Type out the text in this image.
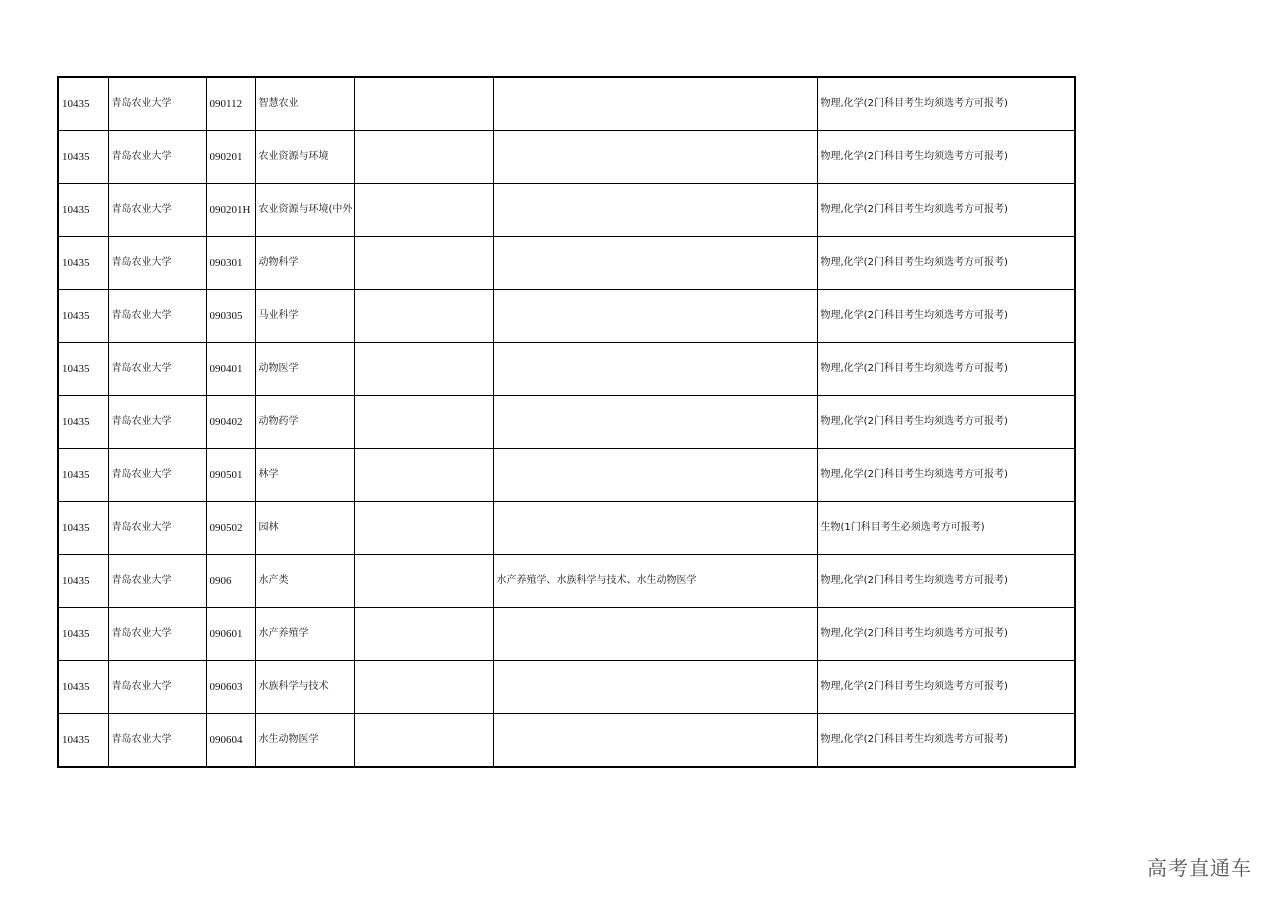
10435	青岛农业大学	090112	智慧农业			物理,化学(2门科目考生均须选考方可报考)
10435	青岛农业大学	090201	农业资源与环境			物理,化学(2门科目考生均须选考方可报考)
10435	青岛农业大学	090201H	农业资源与环境(中外			物理,化学(2门科目考生均须选考方可报考)
10435	青岛农业大学	090301	动物科学			物理,化学(2门科目考生均须选考方可报考)
10435	青岛农业大学	090305	马业科学			物理,化学(2门科目考生均须选考方可报考)
10435	青岛农业大学	090401	动物医学			物理,化学(2门科目考生均须选考方可报考)
10435	青岛农业大学	090402	动物药学			物理,化学(2门科目考生均须选考方可报考)
10435	青岛农业大学	090501	林学			物理,化学(2门科目考生均须选考方可报考)
10435	青岛农业大学	090502	园林			生物(1门科目考生必须选考方可报考)
10435	青岛农业大学	0906	水产类		水产养殖学、水族科学与技术、水生动物医学	物理,化学(2门科目考生均须选考方可报考)
10435	青岛农业大学	090601	水产养殖学			物理,化学(2门科目考生均须选考方可报考)
10435	青岛农业大学	090603	水族科学与技术			物理,化学(2门科目考生均须选考方可报考)
10435	青岛农业大学	090604	水生动物医学			物理,化学(2门科目考生均须选考方可报考)
高考直通车
